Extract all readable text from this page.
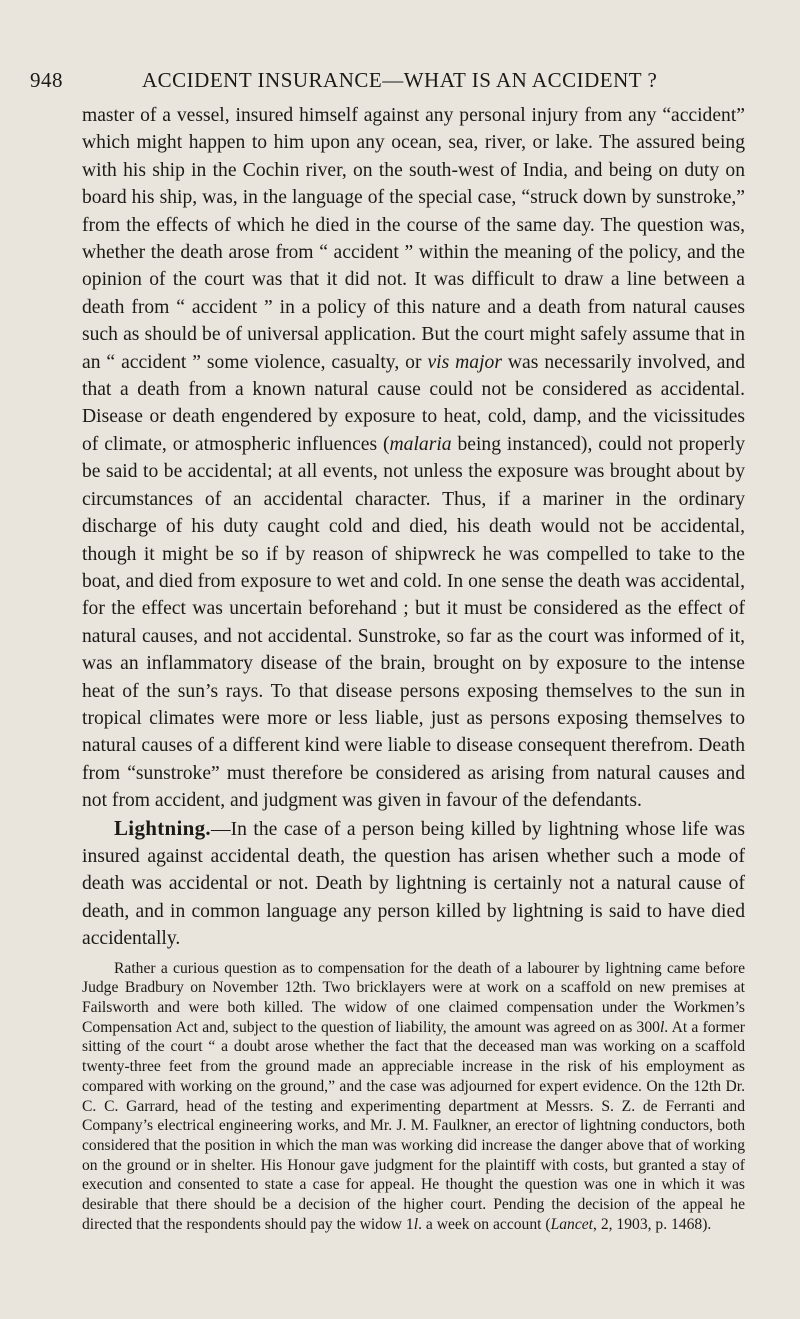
948	ACCIDENT INSURANCE—WHAT IS AN ACCIDENT ?

master of a vessel, insured himself against any personal injury from any “accident” which might happen to him upon any ocean, sea, river, or lake. The assured being with his ship in the Cochin river, on the south-west of India, and being on duty on board his ship, was, in the language of the special case, “struck down by sunstroke,” from the effects of which he died in the course of the same day. The question was, whether the death arose from “ accident ” within the meaning of the policy, and the opinion of the court was that it did not. It was difficult to draw a line between a death from “ accident ” in a policy of this nature and a death from natural causes such as should be of universal application. But the court might safely assume that in an “ accident ” some violence, casualty, or vis major was necessarily involved, and that a death from a known natural cause could not be considered as accidental. Disease or death engendered by exposure to heat, cold, damp, and the vicissitudes of climate, or atmospheric influences (malaria being instanced), could not properly be said to be accidental; at all events, not unless the exposure was brought about by circumstances of an accidental character. Thus, if a mariner in the ordinary discharge of his duty caught cold and died, his death would not be accidental, though it might be so if by reason of shipwreck he was compelled to take to the boat, and died from exposure to wet and cold. In one sense the death was accidental, for the effect was uncertain beforehand ; but it must be considered as the effect of natural causes, and not accidental. Sunstroke, so far as the court was informed of it, was an inflammatory disease of the brain, brought on by exposure to the intense heat of the sun’s rays. To that disease persons exposing themselves to the sun in tropical climates were more or less liable, just as persons exposing themselves to natural causes of a different kind were liable to disease consequent therefrom. Death from “sunstroke” must therefore be considered as arising from natural causes and not from accident, and judgment was given in favour of the defendants.

Lightning.—In the case of a person being killed by lightning whose life was insured against accidental death, the question has arisen whether such a mode of death was accidental or not. Death by lightning is certainly not a natural cause of death, and in common language any person killed by lightning is said to have died accidentally.

Rather a curious question as to compensation for the death of a labourer by lightning came before Judge Bradbury on November 12th. Two bricklayers were at work on a scaffold on new premises at Failsworth and were both killed. The widow of one claimed compensation under the Workmen’s Compensation Act and, subject to the question of liability, the amount was agreed on as 300l. At a former sitting of the court “ a doubt arose whether the fact that the deceased man was working on a scaffold twenty-three feet from the ground made an appreciable increase in the risk of his employment as compared with working on the ground,” and the case was adjourned for expert evidence. On the 12th Dr. C. C. Garrard, head of the testing and experimenting department at Messrs. S. Z. de Ferranti and Company’s electrical engineering works, and Mr. J. M. Faulkner, an erector of lightning conductors, both considered that the position in which the man was working did increase the danger above that of working on the ground or in shelter. His Honour gave judgment for the plaintiff with costs, but granted a stay of execution and consented to state a case for appeal. He thought the question was one in which it was desirable that there should be a decision of the higher court. Pending the decision of the appeal he directed that the respondents should pay the widow 1l. a week on account (Lancet, 2, 1903, p. 1468).
